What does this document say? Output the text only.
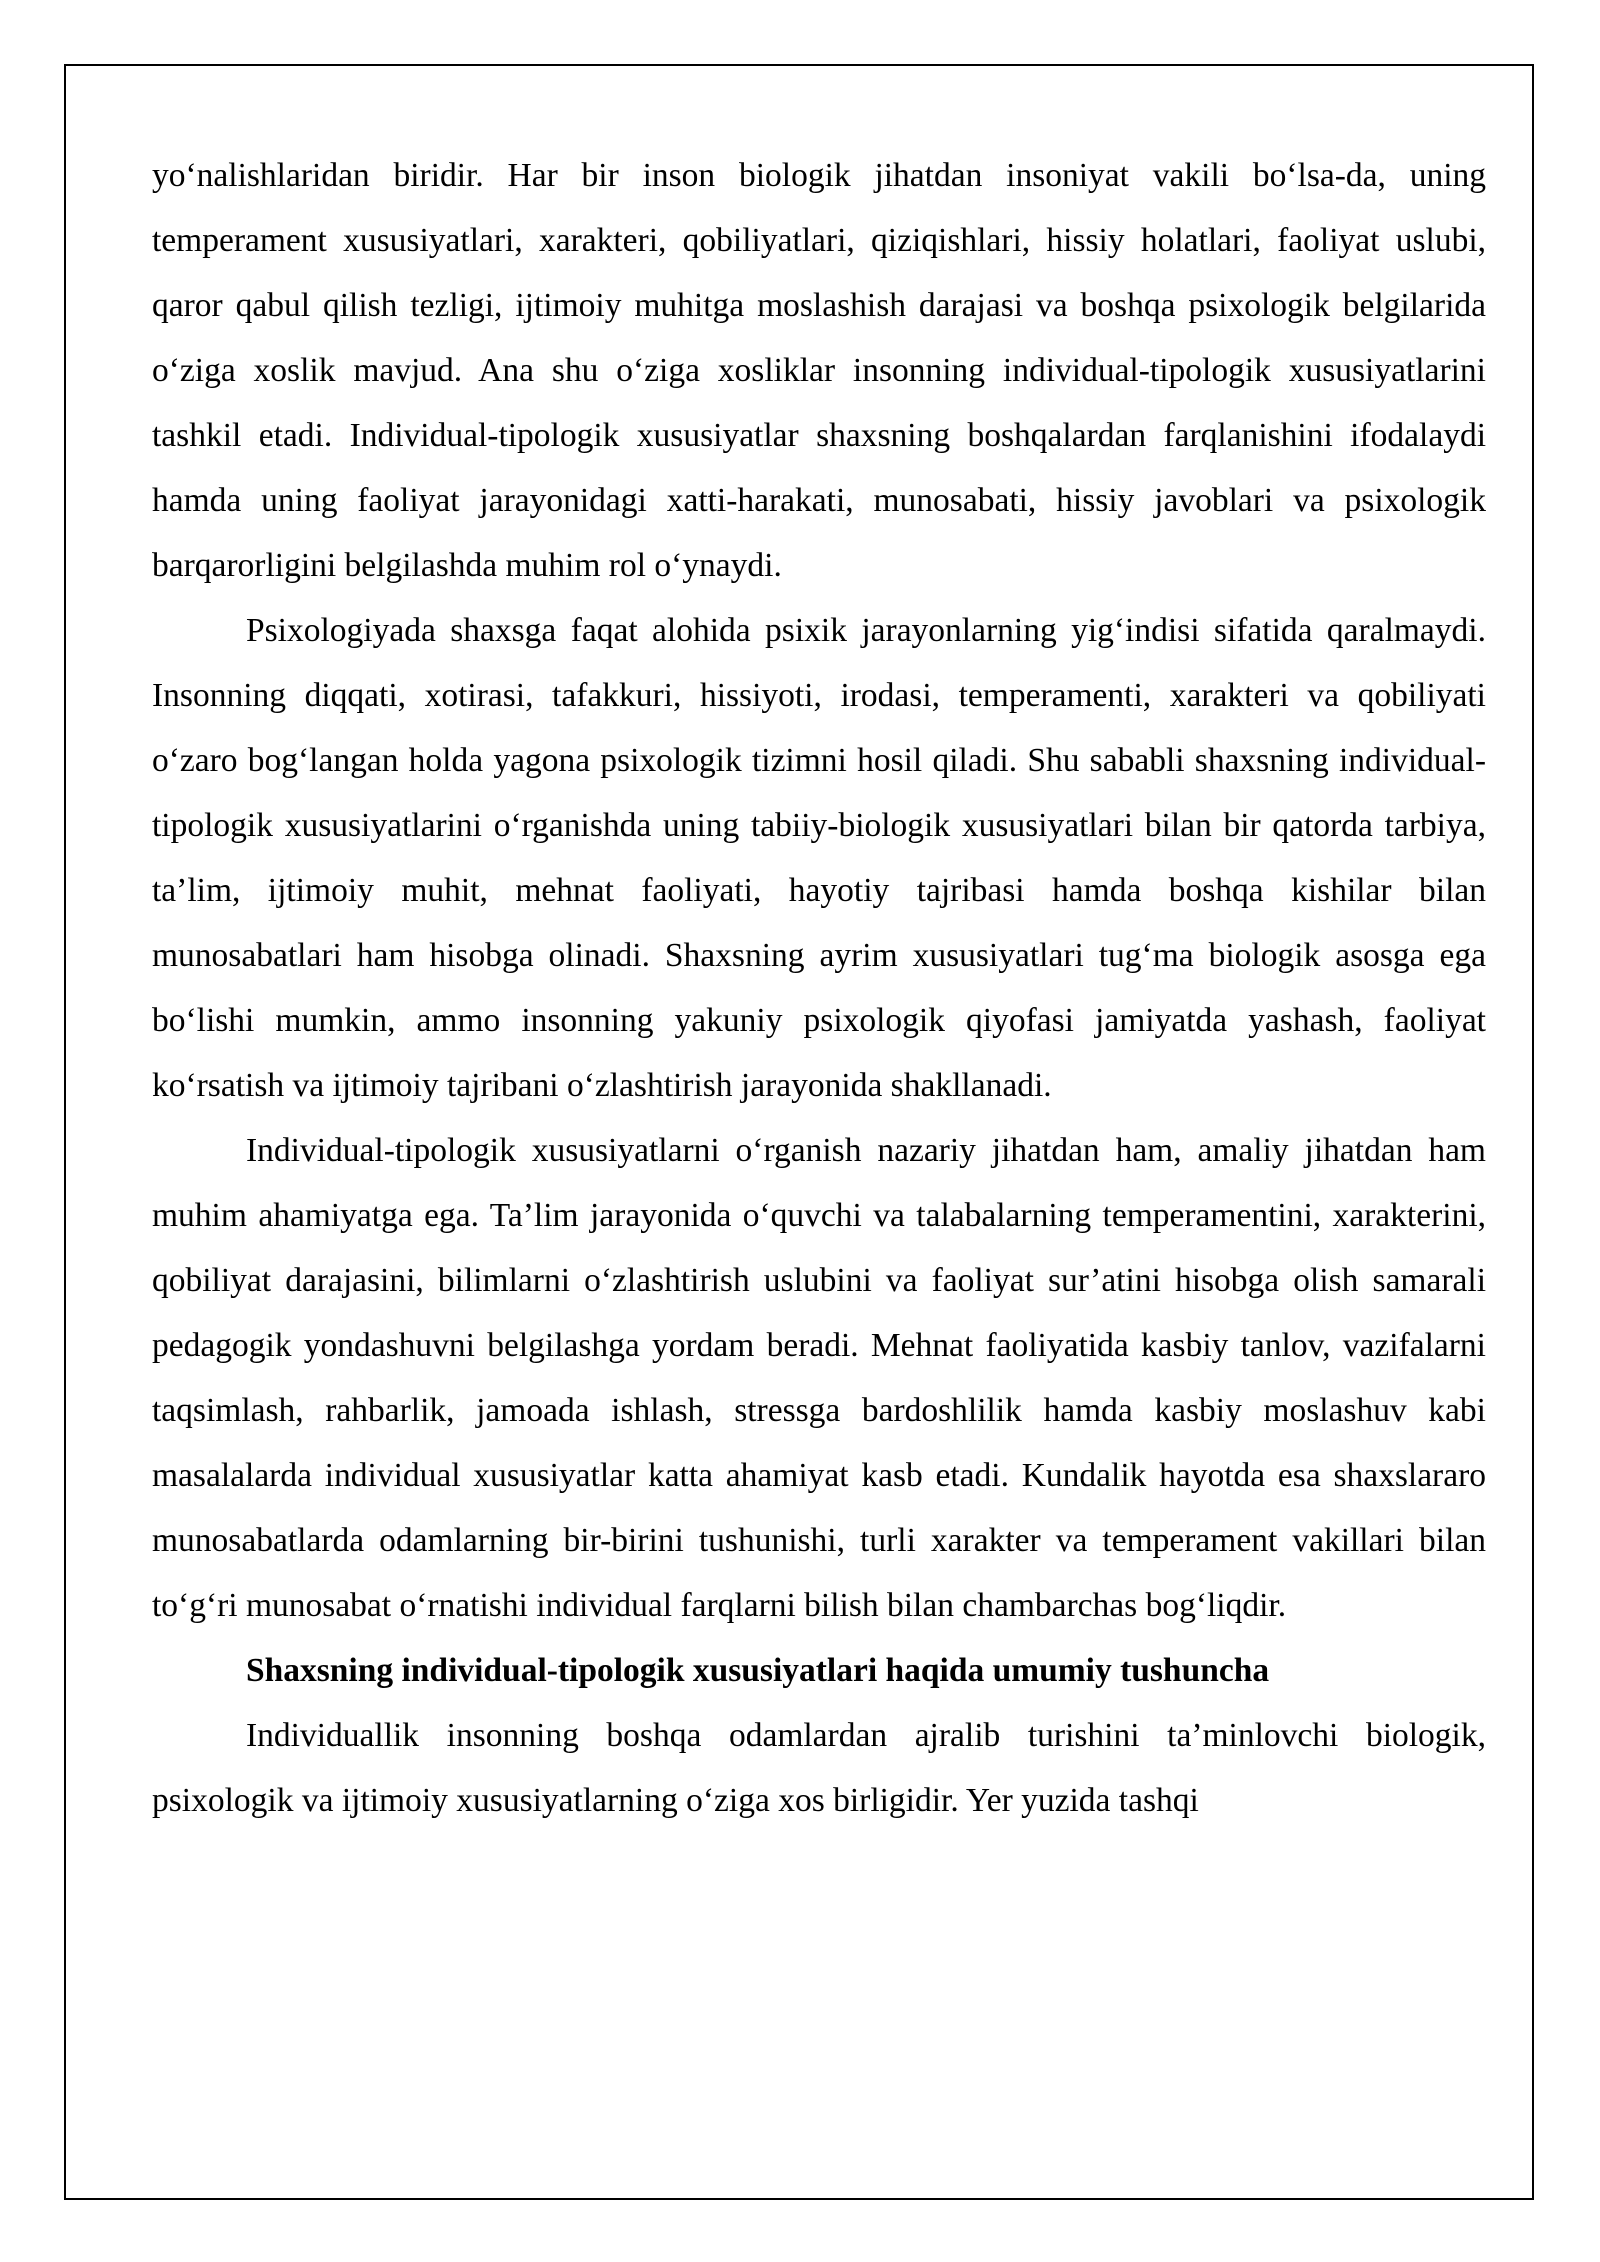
yo‘nalishlaridan biridir. Har bir inson biologik jihatdan insoniyat vakili bo‘lsa-da, uning temperament xususiyatlari, xarakteri, qobiliyatlari, qiziqishlari, hissiy holatlari, faoliyat uslubi, qaror qabul qilish tezligi, ijtimoiy muhitga moslashish darajasi va boshqa psixologik belgilarida o‘ziga xoslik mavjud. Ana shu o‘ziga xosliklar insonning individual-tipologik xususiyatlarini tashkil etadi. Individual-tipologik xususiyatlar shaxsning boshqalardan farqlanishini ifodalaydi hamda uning faoliyat jarayonidagi xatti-harakati, munosabati, hissiy javoblari va psixologik barqarorligini belgilashda muhim rol o‘ynaydi.

Psixologiyada shaxsga faqat alohida psixik jarayonlarning yig‘indisi sifatida qaralmaydi. Insonning diqqati, xotirasi, tafakkuri, hissiyoti, irodasi, temperamenti, xarakteri va qobiliyati o‘zaro bog‘langan holda yagona psixologik tizimni hosil qiladi. Shu sababli shaxsning individual-tipologik xususiyatlarini o‘rganishda uning tabiiy-biologik xususiyatlari bilan bir qatorda tarbiya, ta’lim, ijtimoiy muhit, mehnat faoliyati, hayotiy tajribasi hamda boshqa kishilar bilan munosabatlari ham hisobga olinadi. Shaxsning ayrim xususiyatlari tug‘ma biologik asosga ega bo‘lishi mumkin, ammo insonning yakuniy psixologik qiyofasi jamiyatda yashash, faoliyat ko‘rsatish va ijtimoiy tajribani o‘zlashtirish jarayonida shakllanadi.

Individual-tipologik xususiyatlarni o‘rganish nazariy jihatdan ham, amaliy jihatdan ham muhim ahamiyatga ega. Ta’lim jarayonida o‘quvchi va talabalarning temperamentini, xarakterini, qobiliyat darajasini, bilimlarni o‘zlashtirish uslubini va faoliyat sur’atini hisobga olish samarali pedagogik yondashuvni belgilashga yordam beradi. Mehnat faoliyatida kasbiy tanlov, vazifalarni taqsimlash, rahbarlik, jamoada ishlash, stressga bardoshlilik hamda kasbiy moslashuv kabi masalalarda individual xususiyatlar katta ahamiyat kasb etadi. Kundalik hayotda esa shaxslararo munosabatlarda odamlarning bir-birini tushunishi, turli xarakter va temperament vakillari bilan to‘g‘ri munosabat o‘rnatishi individual farqlarni bilish bilan chambarchas bog‘liqdir.

Shaxsning individual-tipologik xususiyatlari haqida umumiy tushuncha

Individuallik insonning boshqa odamlardan ajralib turishini ta’minlovchi biologik, psixologik va ijtimoiy xususiyatlarning o‘ziga xos birligidir. Yer yuzida tashqi
